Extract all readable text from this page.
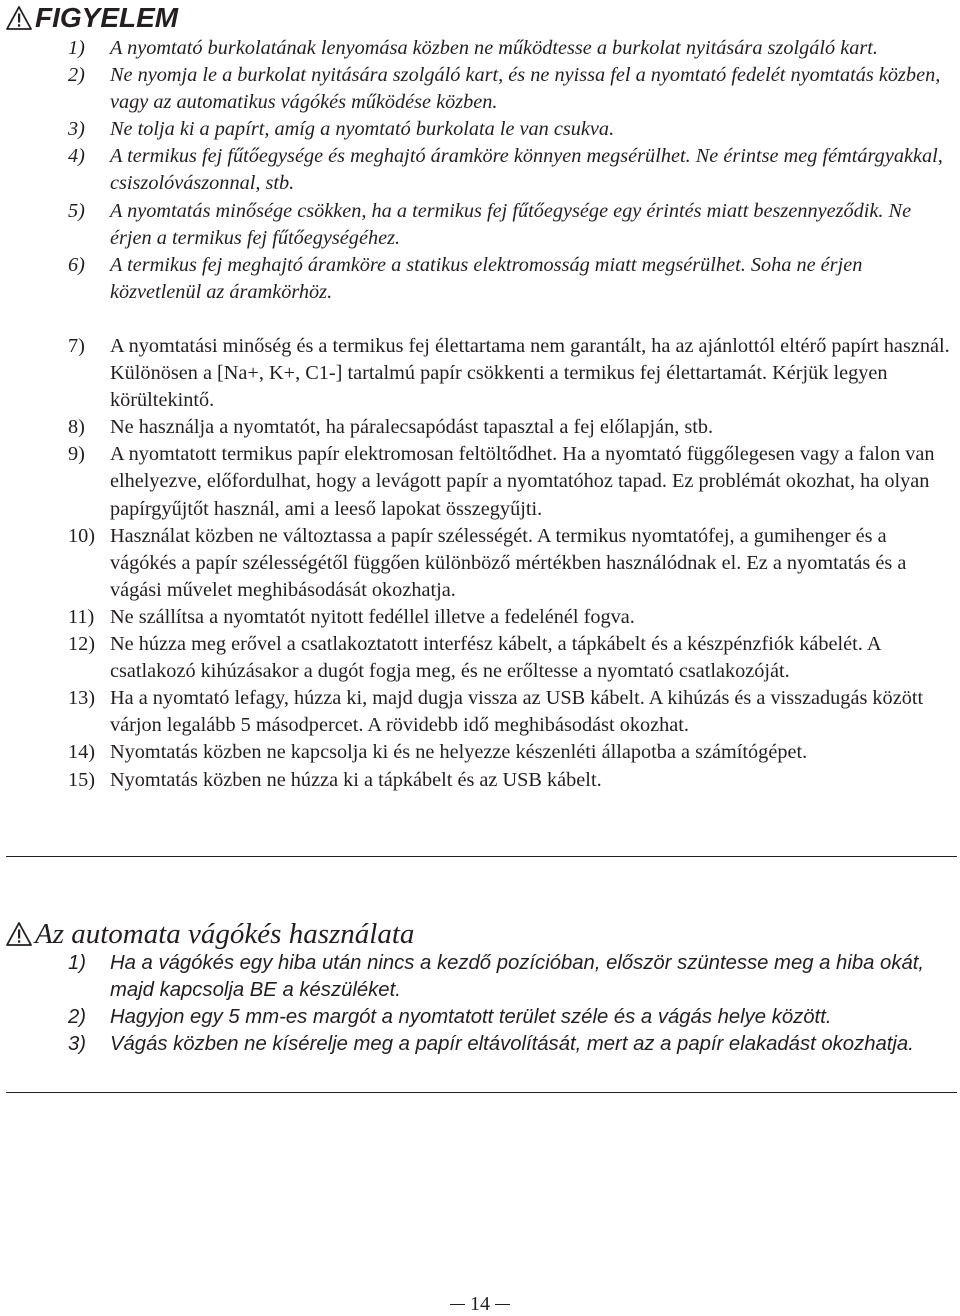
FIGYELEM
1) A nyomtató burkolatának lenyomása közben ne működtesse a burkolat nyitására szolgáló kart.
2) Ne nyomja le a burkolat nyitására szolgáló kart, és ne nyissa fel a nyomtató fedelét nyomtatás közben, vagy az automatikus vágókés működése közben.
3) Ne tolja ki a papírt, amíg a nyomtató burkolata le van csukva.
4) A termikus fej fűtőegysége és meghajtó áramköre könnyen megsérülhet. Ne érintse meg fémtárgyakkal, csiszolóvászonnal, stb.
5) A nyomtatás minősége csökken, ha a termikus fej fűtőegysége egy érintés miatt beszennyeződik. Ne érjen a termikus fej fűtőegységéhez.
6) A termikus fej meghajtó áramköre a statikus elektromosság miatt megsérülhet. Soha ne érjen közvetlenül az áramkörhöz.
7) A nyomtatási minőség és a termikus fej élettartama nem garantált, ha az ajánlottól eltérő papírt használ. Különösen a [Na+, K+, C1-] tartalmú papír csökkenti a termikus fej élettartamát. Kérjük legyen körültekintő.
8) Ne használja a nyomtatót, ha páralecsapódást tapasztal a fej előlapján, stb.
9) A nyomtatott termikus papír elektromosan feltöltődhet. Ha a nyomtató függőlegesen vagy a falon van elhelyezve, előfordulhat, hogy a levágott papír a nyomtatóhoz tapad. Ez problémát okozhat, ha olyan papírgyűjtőt használ, ami a leeső lapokat összegyűjti.
10) Használat közben ne változtassa a papír szélességét. A termikus nyomtatófej, a gumihenger és a vágókés a papír szélességétől függően különböző mértékben használódnak el. Ez a nyomtatás és a vágási művelet meghibásodását okozhatja.
11) Ne szállítsa a nyomtatót nyitott fedéllel illetve a fedelénél fogva.
12) Ne húzza meg erővel a csatlakoztatott interfész kábelt, a tápkábelt és a készpénzfiók kábelét. A csatlakozó kihúzásakor a dugót fogja meg, és ne erőltesse a nyomtató csatlakozóját.
13) Ha a nyomtató lefagy, húzza ki, majd dugja vissza az USB kábelt. A kihúzás és a visszadugás között várjon legalább 5 másodpercet. A rövidebb idő meghibásodást okozhat.
14) Nyomtatás közben ne kapcsolja ki és ne helyezze készenléti állapotba a számítógépet.
15) Nyomtatás közben ne húzza ki a tápkábelt és az USB kábelt.
Az automata vágókés használata
1) Ha a vágókés egy hiba után nincs a kezdő pozícióban, először szüntesse meg a hiba okát, majd kapcsolja BE a készüléket.
2) Hagyjon egy 5 mm-es margót a nyomtatott terület széle és a vágás helye között.
3) Vágás közben ne kísérelje meg a papír eltávolítását, mert az a papír elakadást okozhatja.
14
